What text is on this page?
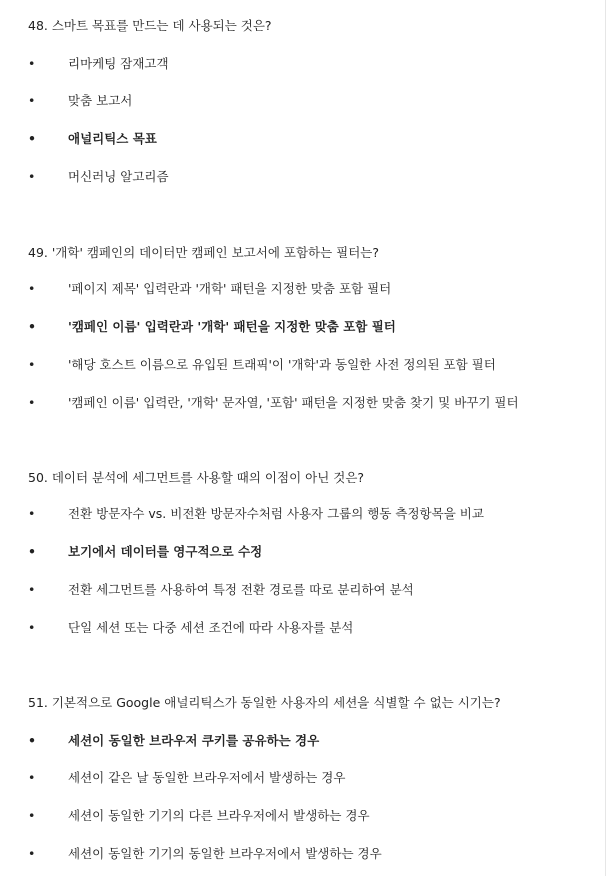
48. 스마트 목표를 만드는 데 사용되는 것은?
•	리마케팅 잠재고객
•	맞춤 보고서
•	애널리틱스 목표
•	머신러닝 알고리즘
49. '개학' 캠페인의 데이터만 캠페인 보고서에 포함하는 필터는?
•	'페이지 제목' 입력란과 '개학' 패턴을 지정한 맞춤 포함 필터
•	'캠페인 이름' 입력란과 '개학' 패턴을 지정한 맞춤 포함 필터
•	'해당 호스트 이름으로 유입된 트래픽'이 '개학'과 동일한 사전 정의된 포함 필터
•	'캠페인 이름' 입력란, '개학' 문자열, '포함' 패턴을 지정한 맞춤 찾기 및 바꾸기 필터
50. 데이터 분석에 세그먼트를 사용할 때의 이점이 아닌 것은?
•	전환 방문자수 vs. 비전환 방문자수처럼 사용자 그룹의 행동 측정항목을 비교
•	보기에서 데이터를 영구적으로 수정
•	전환 세그먼트를 사용하여 특정 전환 경로를 따로 분리하여 분석
•	단일 세션 또는 다중 세션 조건에 따라 사용자를 분석
51. 기본적으로 Google 애널리틱스가 동일한 사용자의 세션을 식별할 수 없는 시기는?
•	세션이 동일한 브라우저 쿠키를 공유하는 경우
•	세션이 같은 날 동일한 브라우저에서 발생하는 경우
•	세션이 동일한 기기의 다른 브라우저에서 발생하는 경우
•	세션이 동일한 기기의 동일한 브라우저에서 발생하는 경우
